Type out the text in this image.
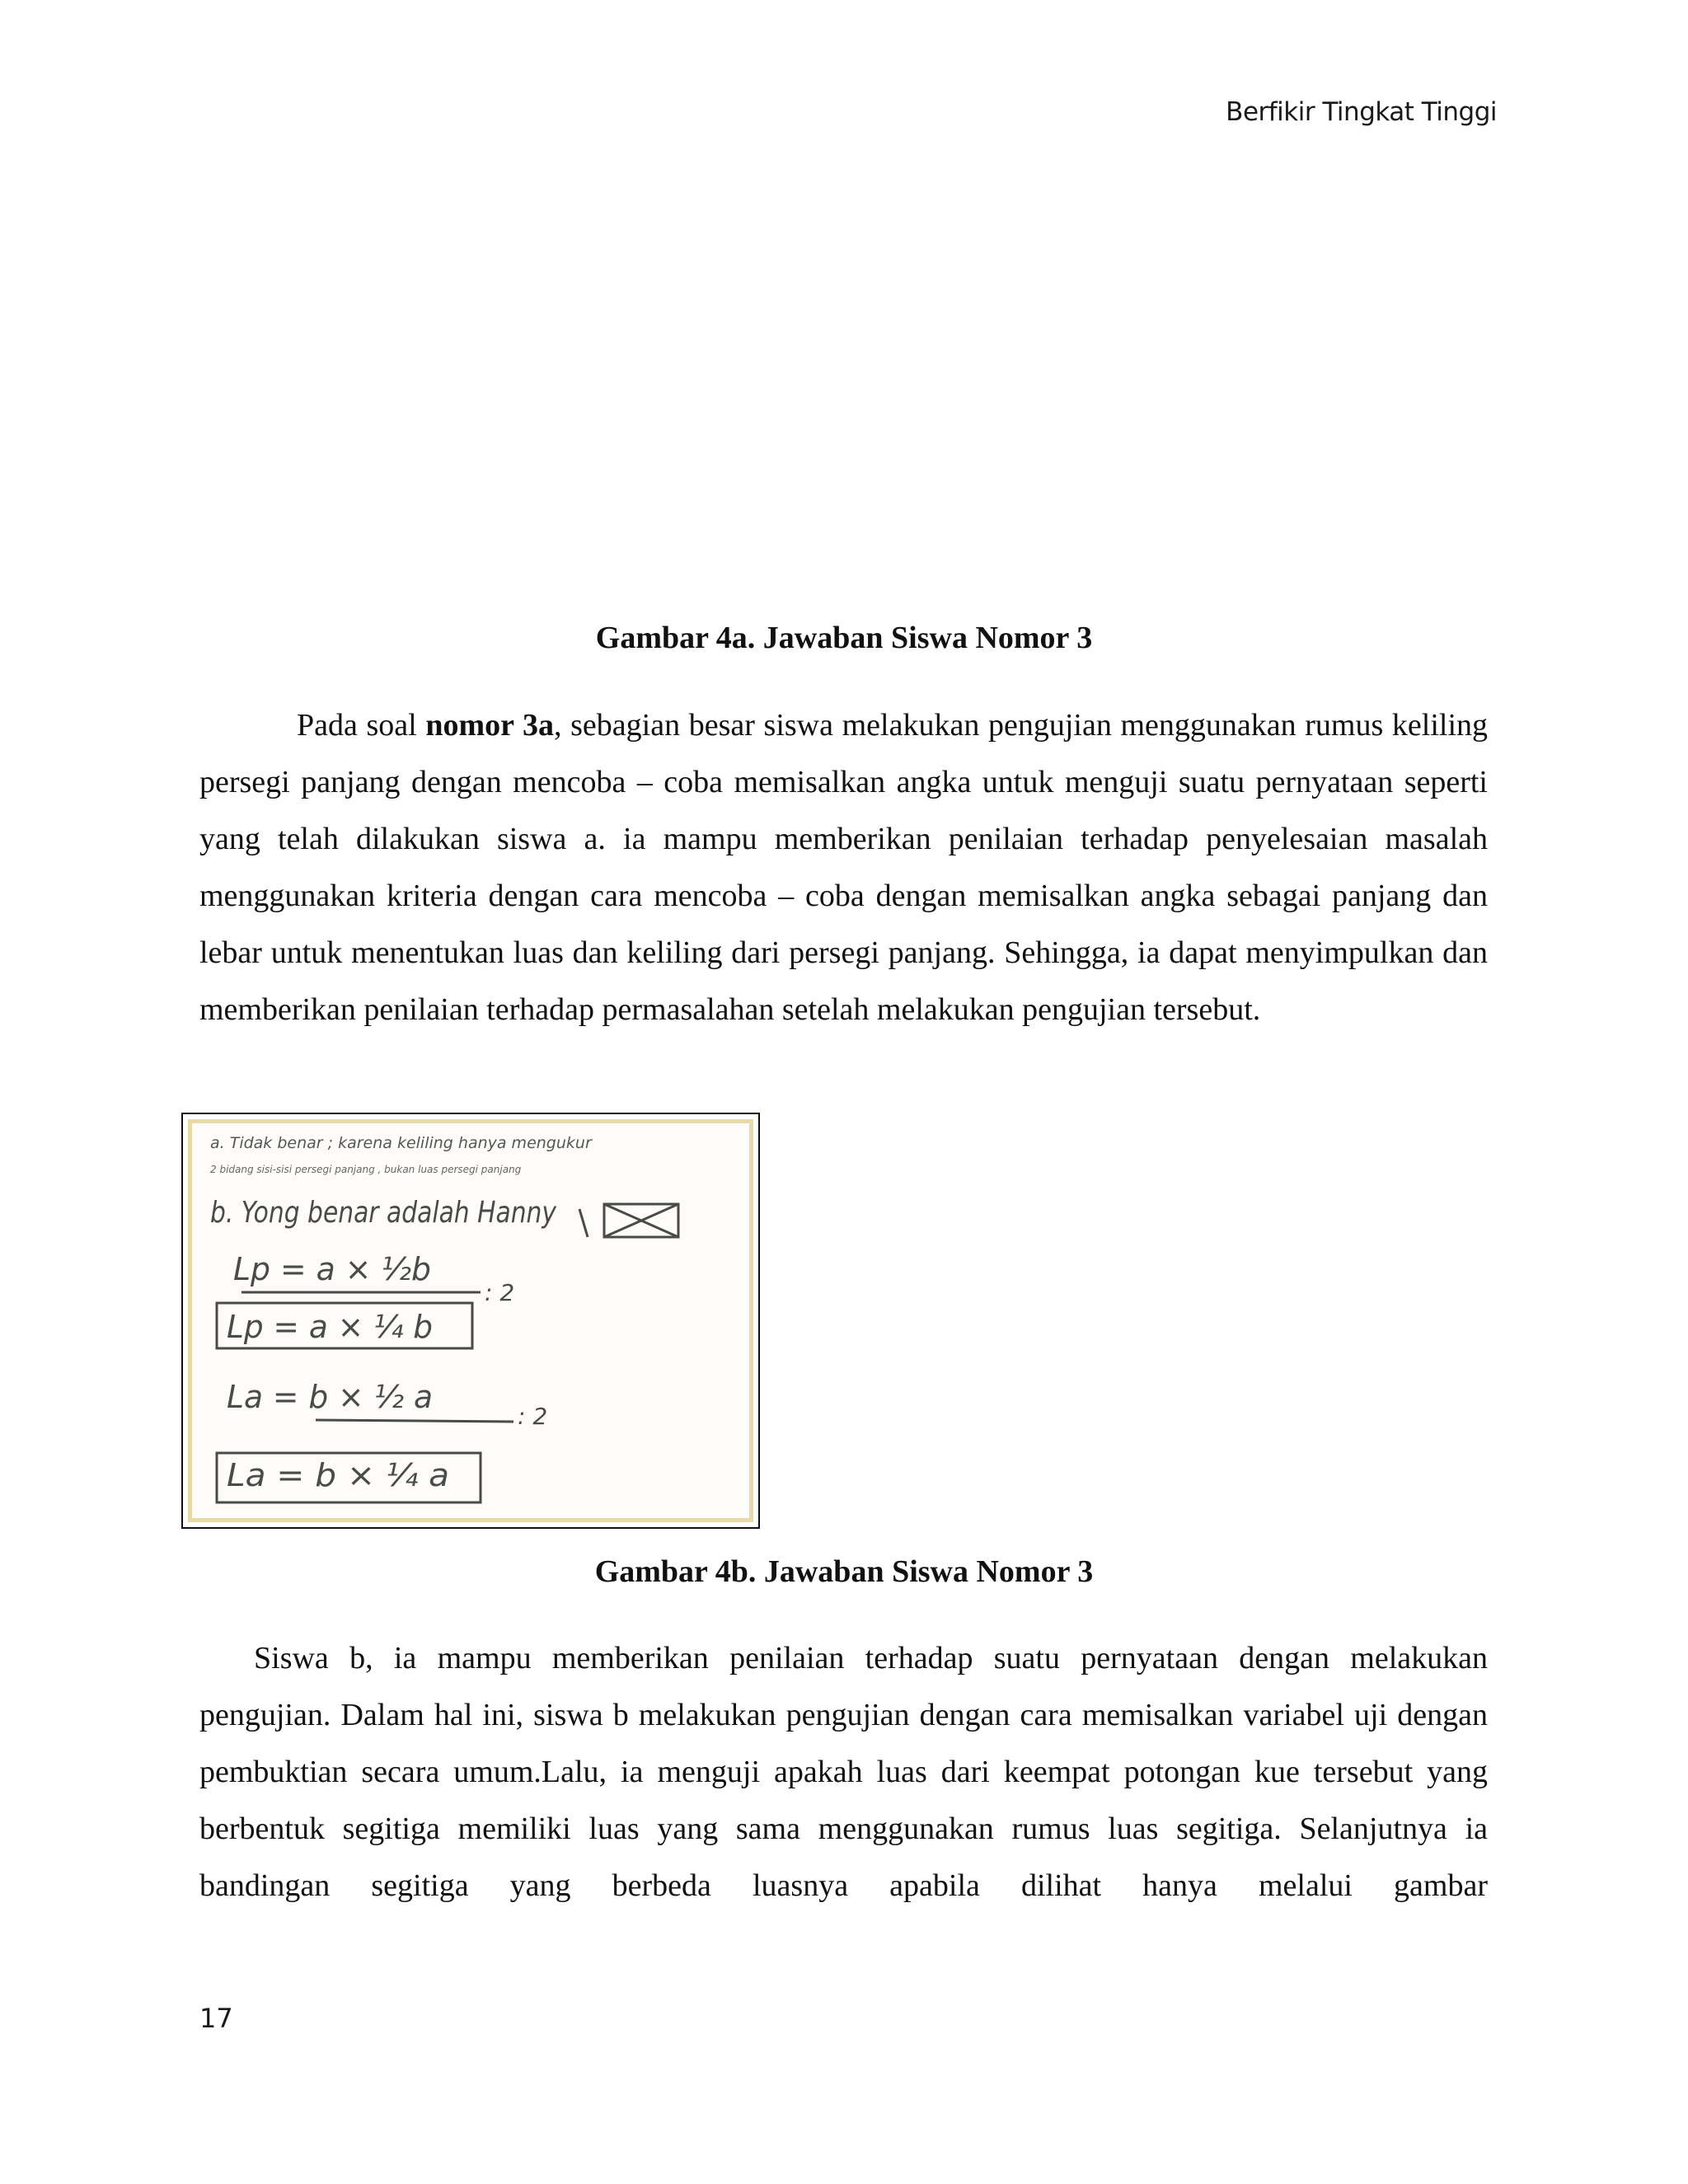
Berfikir Tingkat Tinggi
Gambar 4a. Jawaban Siswa Nomor 3

Pada soal nomor 3a, sebagian besar siswa melakukan pengujian menggunakan rumus keliling persegi panjang dengan mencoba – coba memisalkan angka untuk menguji suatu pernyataan seperti yang telah dilakukan siswa a. ia mampu memberikan penilaian terhadap penyelesaian masalah menggunakan kriteria dengan cara mencoba – coba dengan memisalkan angka sebagai panjang dan lebar untuk menentukan luas dan keliling dari persegi panjang. Sehingga, ia dapat menyimpulkan dan memberikan penilaian terhadap permasalahan setelah melakukan pengujian tersebut.

a. Tidak benar ; karena keliling hanya mengukur
2 bidang sisi-sisi persegi panjang , bukan luas persegi panjang
b. Yong benar adalah Hanny
Lp = a × ½b
: 2
Lp = a × ¼ b
La = b × ½ a
: 2
La = b × ¼ a
Gambar 4b. Jawaban Siswa Nomor 3

Siswa b, ia mampu memberikan penilaian terhadap suatu pernyataan dengan melakukan pengujian. Dalam hal ini, siswa b melakukan pengujian dengan cara memisalkan variabel uji dengan pembuktian secara umum.Lalu, ia menguji apakah luas dari keempat potongan kue tersebut yang berbentuk segitiga memiliki luas yang sama menggunakan rumus luas segitiga. Selanjutnya ia bandingan segitiga yang berbeda luasnya apabila dilihat hanya melalui gambar

17
